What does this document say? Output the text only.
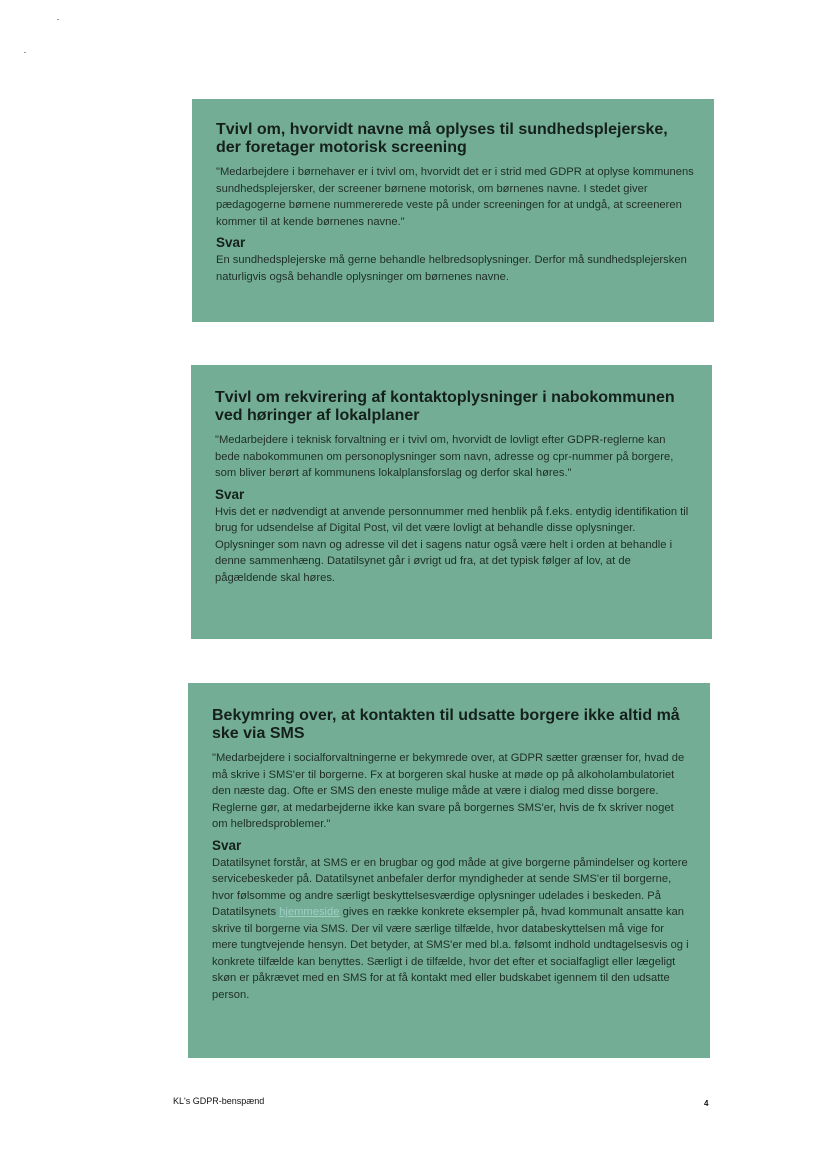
Tvivl om, hvorvidt navne må oplyses til sundhedsplejerske, der foretager motorisk screening

"Medarbejdere i børnehaver er i tvivl om, hvorvidt det er i strid med GDPR at oplyse kommunens sundhedsplejersker, der screener børnene motorisk, om børnenes navne. I stedet giver pædagogerne børnene nummererede veste på under screeningen for at undgå, at screeneren kommer til at kende børnenes navne."

Svar

En sundhedsplejerske må gerne behandle helbredsoplysninger. Derfor må sundhedsplejersken naturligvis også behandle oplysninger om børnenes navne.

Tvivl om rekvirering af kontaktoplysninger i nabokommunen ved høringer af lokalplaner

"Medarbejdere i teknisk forvaltning er i tvivl om, hvorvidt de lovligt efter GDPR-reglerne kan bede nabokommunen om personoplysninger som navn, adresse og cpr-nummer på borgere, som bliver berørt af kommunens lokalplansforslag og derfor skal høres."

Svar

Hvis det er nødvendigt at anvende personnummer med henblik på f.eks. entydig identifikation til brug for udsendelse af Digital Post, vil det være lovligt at behandle disse oplysninger. Oplysninger som navn og adresse vil det i sagens natur også være helt i orden at behandle i denne sammenhæng. Datatilsynet går i øvrigt ud fra, at det typisk følger af lov, at de pågældende skal høres.

Bekymring over, at kontakten til udsatte borgere ikke altid må ske via SMS

"Medarbejdere i socialforvaltningerne er bekymrede over, at GDPR sætter grænser for, hvad de må skrive i SMS'er til borgerne. Fx at borgeren skal huske at møde op på alkoholambulatoriet den næste dag. Ofte er SMS den eneste mulige måde at være i dialog med disse borgere. Reglerne gør, at medarbejderne ikke kan svare på borgernes SMS'er, hvis de fx skriver noget om helbredsproblemer."

Svar

Datatilsynet forstår, at SMS er en brugbar og god måde at give borgerne påmindelser og kortere servicebeskeder på. Datatilsynet anbefaler derfor myndigheder at sende SMS'er til borgerne, hvor følsomme og andre særligt beskyttelsesværdige oplysninger udelades i beskeden. På Datatilsynets hjemmeside gives en række konkrete eksempler på, hvad kommunalt ansatte kan skrive til borgerne via SMS. Der vil være særlige tilfælde, hvor databeskyttelsen må vige for mere tungtvejende hensyn. Det betyder, at SMS'er med bl.a. følsomt indhold undtagelsesvis og i konkrete tilfælde kan benyttes. Særligt i de tilfælde, hvor det efter et socialfagligt eller lægeligt skøn er påkrævet med en SMS for at få kontakt med eller budskabet igennem til den udsatte person.

KL's GDPR-benspænd	4
